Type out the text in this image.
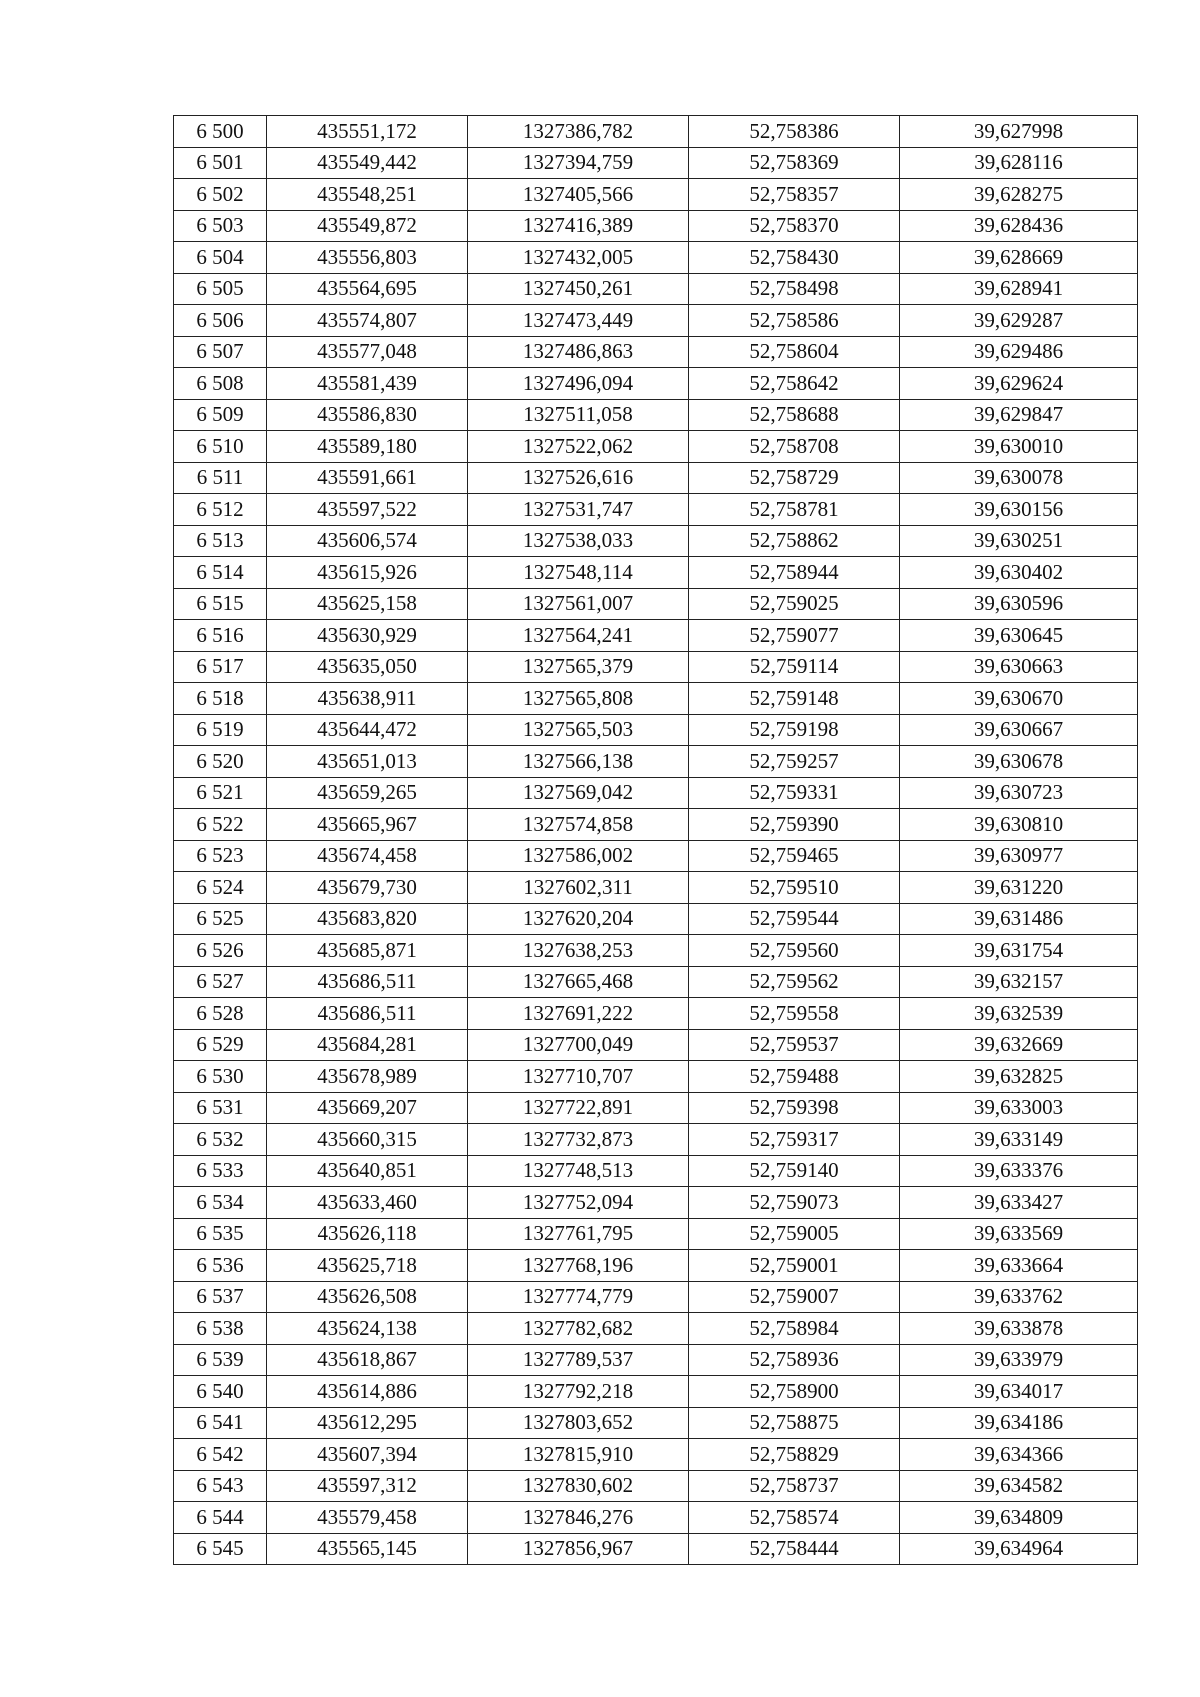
6 500	435551,172	1327386,782	52,758386	39,627998
6 501	435549,442	1327394,759	52,758369	39,628116
6 502	435548,251	1327405,566	52,758357	39,628275
6 503	435549,872	1327416,389	52,758370	39,628436
6 504	435556,803	1327432,005	52,758430	39,628669
6 505	435564,695	1327450,261	52,758498	39,628941
6 506	435574,807	1327473,449	52,758586	39,629287
6 507	435577,048	1327486,863	52,758604	39,629486
6 508	435581,439	1327496,094	52,758642	39,629624
6 509	435586,830	1327511,058	52,758688	39,629847
6 510	435589,180	1327522,062	52,758708	39,630010
6 511	435591,661	1327526,616	52,758729	39,630078
6 512	435597,522	1327531,747	52,758781	39,630156
6 513	435606,574	1327538,033	52,758862	39,630251
6 514	435615,926	1327548,114	52,758944	39,630402
6 515	435625,158	1327561,007	52,759025	39,630596
6 516	435630,929	1327564,241	52,759077	39,630645
6 517	435635,050	1327565,379	52,759114	39,630663
6 518	435638,911	1327565,808	52,759148	39,630670
6 519	435644,472	1327565,503	52,759198	39,630667
6 520	435651,013	1327566,138	52,759257	39,630678
6 521	435659,265	1327569,042	52,759331	39,630723
6 522	435665,967	1327574,858	52,759390	39,630810
6 523	435674,458	1327586,002	52,759465	39,630977
6 524	435679,730	1327602,311	52,759510	39,631220
6 525	435683,820	1327620,204	52,759544	39,631486
6 526	435685,871	1327638,253	52,759560	39,631754
6 527	435686,511	1327665,468	52,759562	39,632157
6 528	435686,511	1327691,222	52,759558	39,632539
6 529	435684,281	1327700,049	52,759537	39,632669
6 530	435678,989	1327710,707	52,759488	39,632825
6 531	435669,207	1327722,891	52,759398	39,633003
6 532	435660,315	1327732,873	52,759317	39,633149
6 533	435640,851	1327748,513	52,759140	39,633376
6 534	435633,460	1327752,094	52,759073	39,633427
6 535	435626,118	1327761,795	52,759005	39,633569
6 536	435625,718	1327768,196	52,759001	39,633664
6 537	435626,508	1327774,779	52,759007	39,633762
6 538	435624,138	1327782,682	52,758984	39,633878
6 539	435618,867	1327789,537	52,758936	39,633979
6 540	435614,886	1327792,218	52,758900	39,634017
6 541	435612,295	1327803,652	52,758875	39,634186
6 542	435607,394	1327815,910	52,758829	39,634366
6 543	435597,312	1327830,602	52,758737	39,634582
6 544	435579,458	1327846,276	52,758574	39,634809
6 545	435565,145	1327856,967	52,758444	39,634964
